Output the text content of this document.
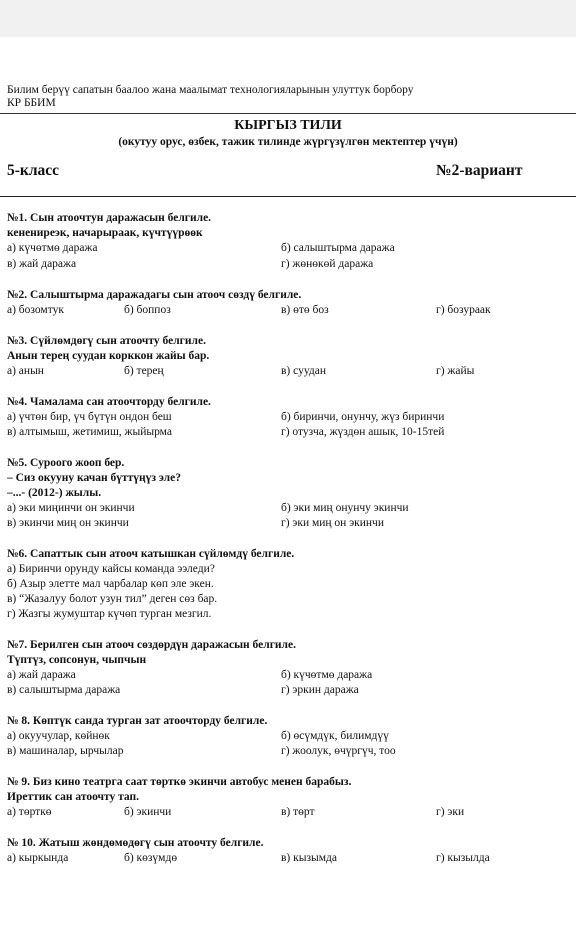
Билим берүү сапатын баалоо жана маалымат технологияларынын улуттук борбору
КР ББИМ
КЫРГЫЗ ТИЛИ
(окутуу орус, өзбек, тажик тилинде жүргүзүлгөн мектептер үчүн)
5-класс	№2-вариант
№1. Сын атоочтун даражасын белгиле.
кенениреэк, начарыраак, күчтүүрөөк
а) күчөтмө даража	б) салыштырма даража
в) жай даража	г) жөнөкөй даража
№2. Салыштырма даражадагы сын атооч сөздү белгиле.
а) бозомтук	б) боппоз	в) өтө боз	г) бозураак
№3. Сүйлөмдөгү сын атоочту белгиле.
Анын терең суудан корккон жайы бар.
а) анын	б) терең	в) суудан	г) жайы
№4. Чамалама сан атоочторду белгиле.
а) үчтөн бир, үч бүтүн ондон беш	б) биринчи, онунчу, жүз биринчи
в) алтымыш, жетимиш, жыйырма	г) отузча, жүздөн ашык, 10-15тей
№5. Суроого жооп бер.
– Сиз окууну качан бүттүңүз эле?
–...- (2012-) жылы.
а) эки миңинчи он экинчи	б) эки миң онунчу экинчи
в) экинчи миң он экинчи	г) эки миң он экинчи
№6. Сапаттык сын атооч катышкан сүйлөмдү белгиле.
а) Биринчи орунду кайсы команда ээледи?
б) Азыр элетте мал чарбалар көп эле экен.
в) “Жазалуу болот узун тил” деген сөз бар.
г) Жазгы жумуштар күчөп турган мезгил.
№7. Берилген сын атооч сөздөрдүн даражасын белгиле.
Түптүз, сопсонун, чыпчын
а) жай даража	б) күчөтмө даража
в) салыштырма даража	г) эркин даража
№ 8. Көптүк санда турган зат атоочторду белгиле.
а) окуучулар, көйнөк	б) өсүмдүк, билимдүү
в) машиналар, ырчылар	г) жоолук, өчүргүч, тоо
№ 9. Биз кино театрга саат төрткө экинчи автобус менен барабыз.
Иреттик сан атоочту тап.
а) төрткө	б) экинчи	в) төрт	г) эки
№ 10. Жатыш жөндөмөдөгү сын атоочту белгиле.
а) кыркында	б) көзүмдө	в) кызымда	г) кызылда
